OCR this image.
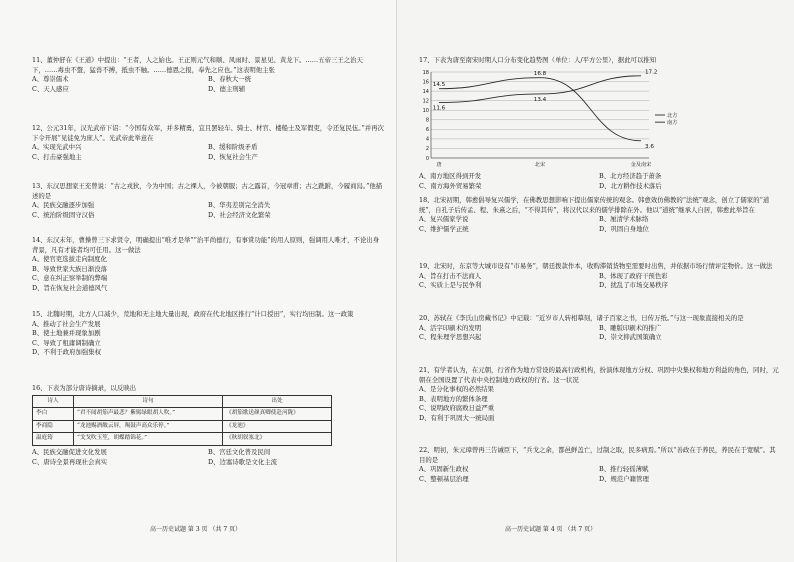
11、董仲舒在《王道》中提出：“王者，人之始也。王正则元气和顺、风雨时、景星见、黄龙下。……五帝三王之治天下，……毒虫不螫，猛兽不搏，抵虫不触。……德恩之报，奉先之应也。”这表明他主张
A、尊崇儒术	B、春秋大一统
C、天人感应	D、德主刑辅
12、公元31年，汉光武帝下诏：“今国有众军，并多精勇，宜且罢轻车、骑士、材官、楼船士及军假吏，令还复民伍。”并再次下令开展“见徒免为庶人”。光武帝此举意在
A、实现光武中兴	B、缓和阶级矛盾
C、打击豪强地主	D、恢复社会生产
13、东汉思想家王充曾说：“古之戎狄，今为中国；古之裸人，今被朝服；古之露首，今冠章甫；古之跣跗，今履商舄。”他描述的是
A、民族交融逐步加强	B、华夷差别完全消失
C、统治阶级固守汉俗	D、社会经济文化繁荣
14、东汉末年，曹操曾三下求贤令，明确提出“唯才是举”“治平尚德行，有事赏功能”的用人原则，强调用人唯才，不论出身背景，凡有才能者均可任用。这一做法
A、使官吏选拔走向制度化
B、导致世家大族日渐没落
C、意在纠正察举制的弊端
D、旨在恢复社会道德风气
15、北魏时期，北方人口减少，荒地和无主地大量出现，政府在代北地区推行“计口授田”，实行均田制。这一政策
A、推动了社会生产发展
B、使土地兼并现象加剧
C、导致了租庸调制确立
D、不利于政府加强集权
16、下表为部分唐诗摘录，以反映出
诗人	诗句	出处
李白	“君不闻胡笳声最悲？紫髯绿眼胡人吹。”	《胡笳歌送颜真卿使赴河陇》
李商隐	“龙池赐酒敞云屏，羯鼓声高众乐停。”	《龙池》
温庭筠	“戈戈吹玉笙，胡蝶踏锦花。”	《秋胡叙塞北》
A、民族交融促进文化发展	B、宫廷文化普及民间
C、唐诗全景再现社会真实	D、边塞诗歌是文化主流
高一历史试题 第 3 页 （共 7 页）
17、下表为唐至南宋时期人口分布变化趋势图（单位：人/平方公里），据此可以推知
0
2
4
6
8
10
12
14
16
18
唐	北宋	金及南宋
14.5
16.8
3.6
北方
11.6
13.4
17.2
南方
A、南方地区得到开发	B、北方经济趋于萧条
C、南方海外贸易繁荣	D、北方耕作技术落后
18、北宋初期，韩愈倡导复兴儒学，在佛教思想影响下提出儒家传统的观念。韩愈效仿佛教的“法统”观念，创立了儒家的“道统”，自孔子后传孟、程、朱熹之后，“不得其传”，将汉代以来的儒学排除在外。他以“道统”继承人自居，韩愈此举旨在
A、复兴儒家学说	B、厘清学术脉络
C、维护儒学正统	D、巩固自身地位
19、北宋时，东京等大城市设有“市易务”，朝廷拨款作本，收购滞销货物至需要时出售，并依据市场行情评定物价。这一做法
A、旨在打击不法商人	B、体现了政府干预色彩
C、实质上是与民争利	D、扰乱了市场交易秩序
20、苏轼在《李氏山房藏书记》中记载：“近岁市人转相摹刻，诸子百家之书，日传万纸。”与这一现象直接相关的是
A、活字印刷术的发明	B、雕版印刷术的推广
C、程朱理学思想兴起	D、崇文抑武国策确立
21、有学者认为，在元朝，行省作为地方常设的最高行政机构，扮演体现地方分权、巩固中央集权和地方利益的角色，同时，元朝在全国设置了代表中央控制地方政权的行省。这一状况
A、是分化事权的必然结果
B、表明地方的繁体条理
C、说明政府腐败日益严重
D、有利于巩固大一统局面
22、明初，朱元璋曾再三告诫臣下，“兵戈之余，都邑鲜盖亡，过制之取，民多病焉。”所以“善政在于养民，养民在于宽赋”。其目的是
A、巩固新生政权	B、推行轻徭薄赋
C、整顿基层治理	D、规范户籍管理
高一历史试题 第 4 页 （共 7 页）
